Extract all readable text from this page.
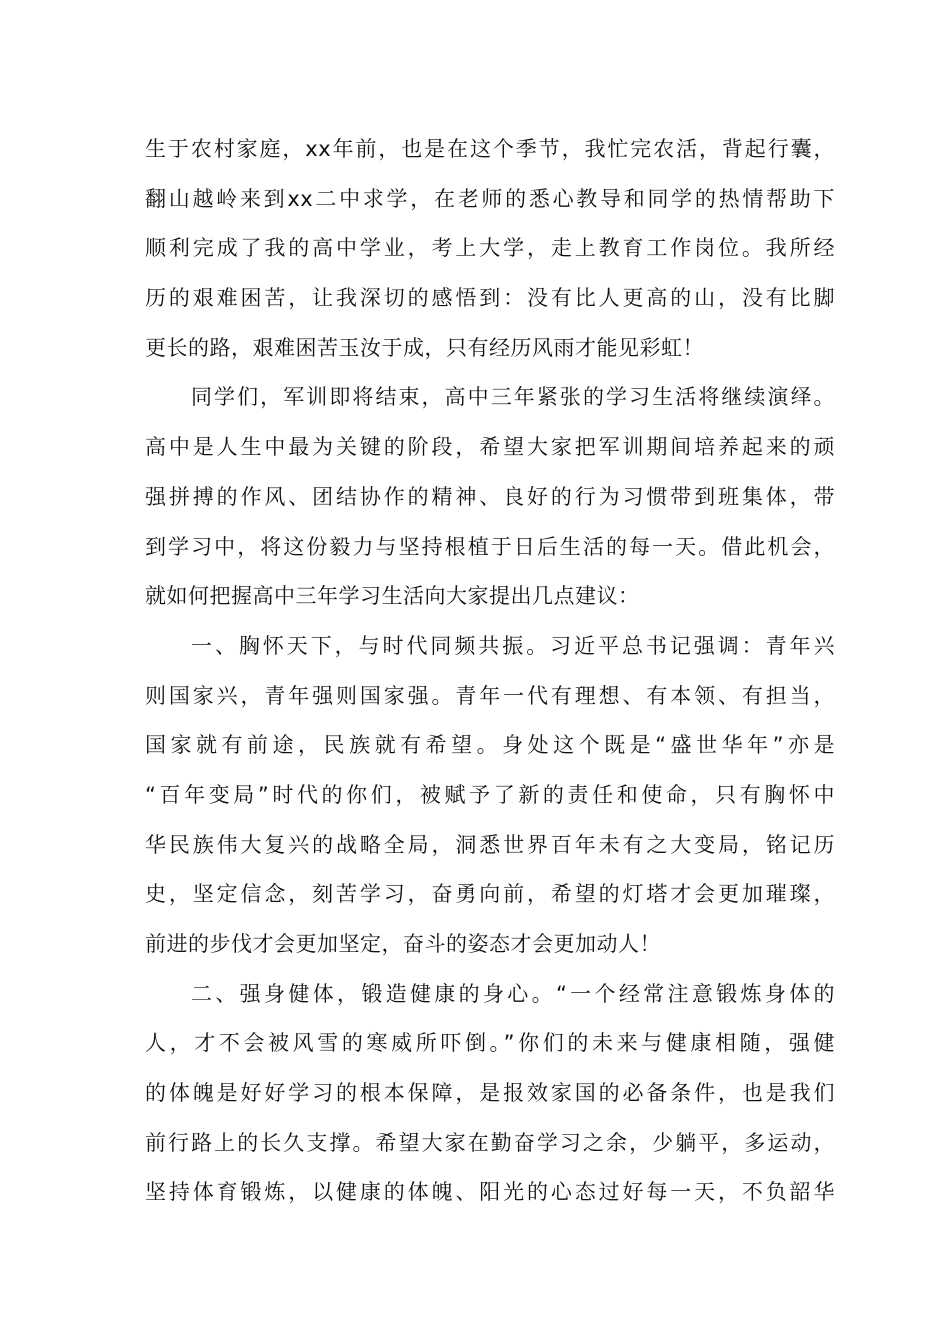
生于农村家庭，xx年前，也是在这个季节，我忙完农活，背起行囊，
翻山越岭来到xx二中求学，在老师的悉心教导和同学的热情帮助下
顺利完成了我的高中学业，考上大学，走上教育工作岗位。我所经
历的艰难困苦，让我深切的感悟到：没有比人更高的山，没有比脚
更长的路，艰难困苦玉汝于成，只有经历风雨才能见彩虹！
同学们，军训即将结束，高中三年紧张的学习生活将继续演绎。
高中是人生中最为关键的阶段，希望大家把军训期间培养起来的顽
强拼搏的作风、团结协作的精神、良好的行为习惯带到班集体，带
到学习中，将这份毅力与坚持根植于日后生活的每一天。借此机会，
就如何把握高中三年学习生活向大家提出几点建议：
一、胸怀天下，与时代同频共振。习近平总书记强调：青年兴
则国家兴，青年强则国家强。青年一代有理想、有本领、有担当，
国家就有前途，民族就有希望。身处这个既是“盛世华年”亦是
“百年变局”时代的你们，被赋予了新的责任和使命，只有胸怀中
华民族伟大复兴的战略全局，洞悉世界百年未有之大变局，铭记历
史，坚定信念，刻苦学习，奋勇向前，希望的灯塔才会更加璀璨，
前进的步伐才会更加坚定，奋斗的姿态才会更加动人！
二、强身健体，锻造健康的身心。“一个经常注意锻炼身体的
人，才不会被风雪的寒威所吓倒。”你们的未来与健康相随，强健
的体魄是好好学习的根本保障，是报效家国的必备条件，也是我们
前行路上的长久支撑。希望大家在勤奋学习之余，少躺平，多运动，
坚持体育锻炼，以健康的体魄、阳光的心态过好每一天，不负韶华
